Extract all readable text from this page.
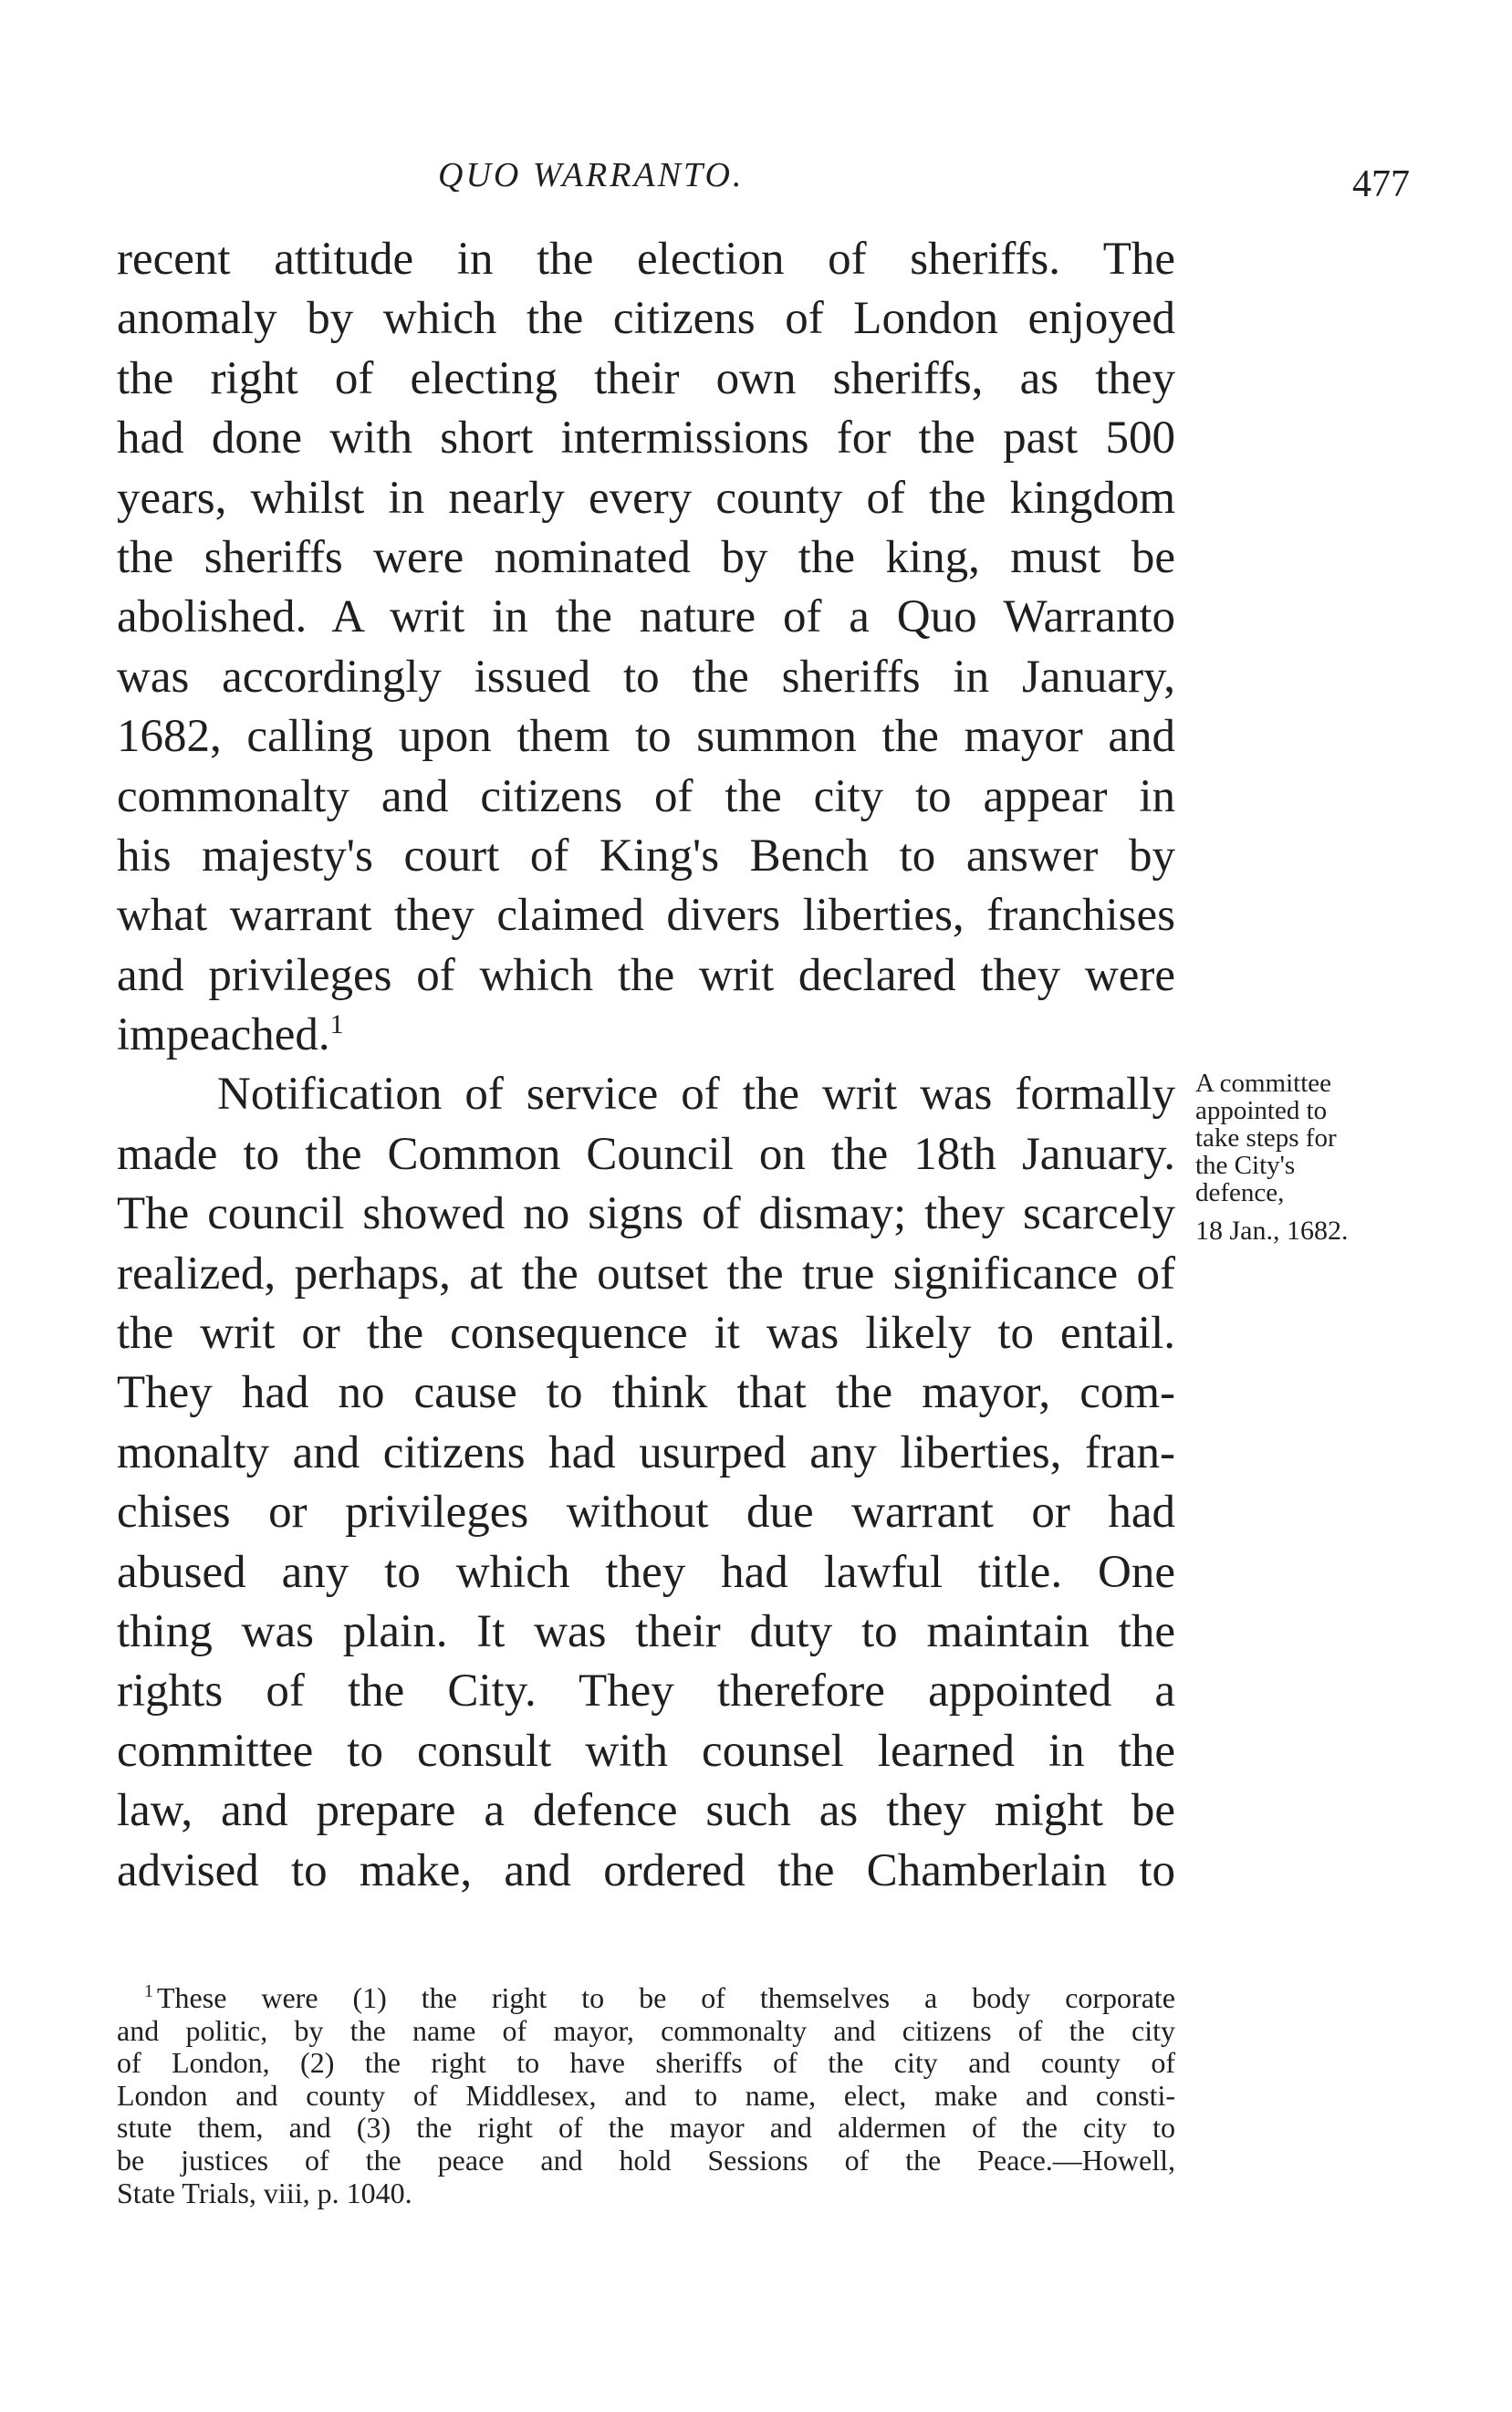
QUO WARRANTO.	477
recent attitude in the election of sheriffs. The
anomaly by which the citizens of London enjoyed
the right of electing their own sheriffs, as they
had done with short intermissions for the past 500
years, whilst in nearly every county of the kingdom
the sheriffs were nominated by the king, must be
abolished. A writ in the nature of a Quo Warranto
was accordingly issued to the sheriffs in January,
1682, calling upon them to summon the mayor and
commonalty and citizens of the city to appear in
his majesty's court of King's Bench to answer by
what warrant they claimed divers liberties, franchises
and privileges of which the writ declared they were
impeached.$^1$
Notification of service of the writ was formally
made to the Common Council on the 18th January.
The council showed no signs of dismay; they scarcely
realized, perhaps, at the outset the true significance of
the writ or the consequence it was likely to entail.
They had no cause to think that the mayor, com-
monalty and citizens had usurped any liberties, fran-
chises or privileges without due warrant or had
abused any to which they had lawful title. One
thing was plain. It was their duty to maintain the
rights of the City. They therefore appointed a
committee to consult with counsel learned in the
law, and prepare a defence such as they might be
advised to make, and ordered the Chamberlain to
A committee
appointed to
take steps for
the City's
defence,
18 Jan., 1682.
$^1$ These were (1) the right to be of themselves a body corporate
and politic, by the name of mayor, commonalty and citizens of the city
of London, (2) the right to have sheriffs of the city and county of
London and county of Middlesex, and to name, elect, make and consti-
stute them, and (3) the right of the mayor and aldermen of the city to
be justices of the peace and hold Sessions of the Peace.—Howell,
State Trials, viii, p. 1040.
